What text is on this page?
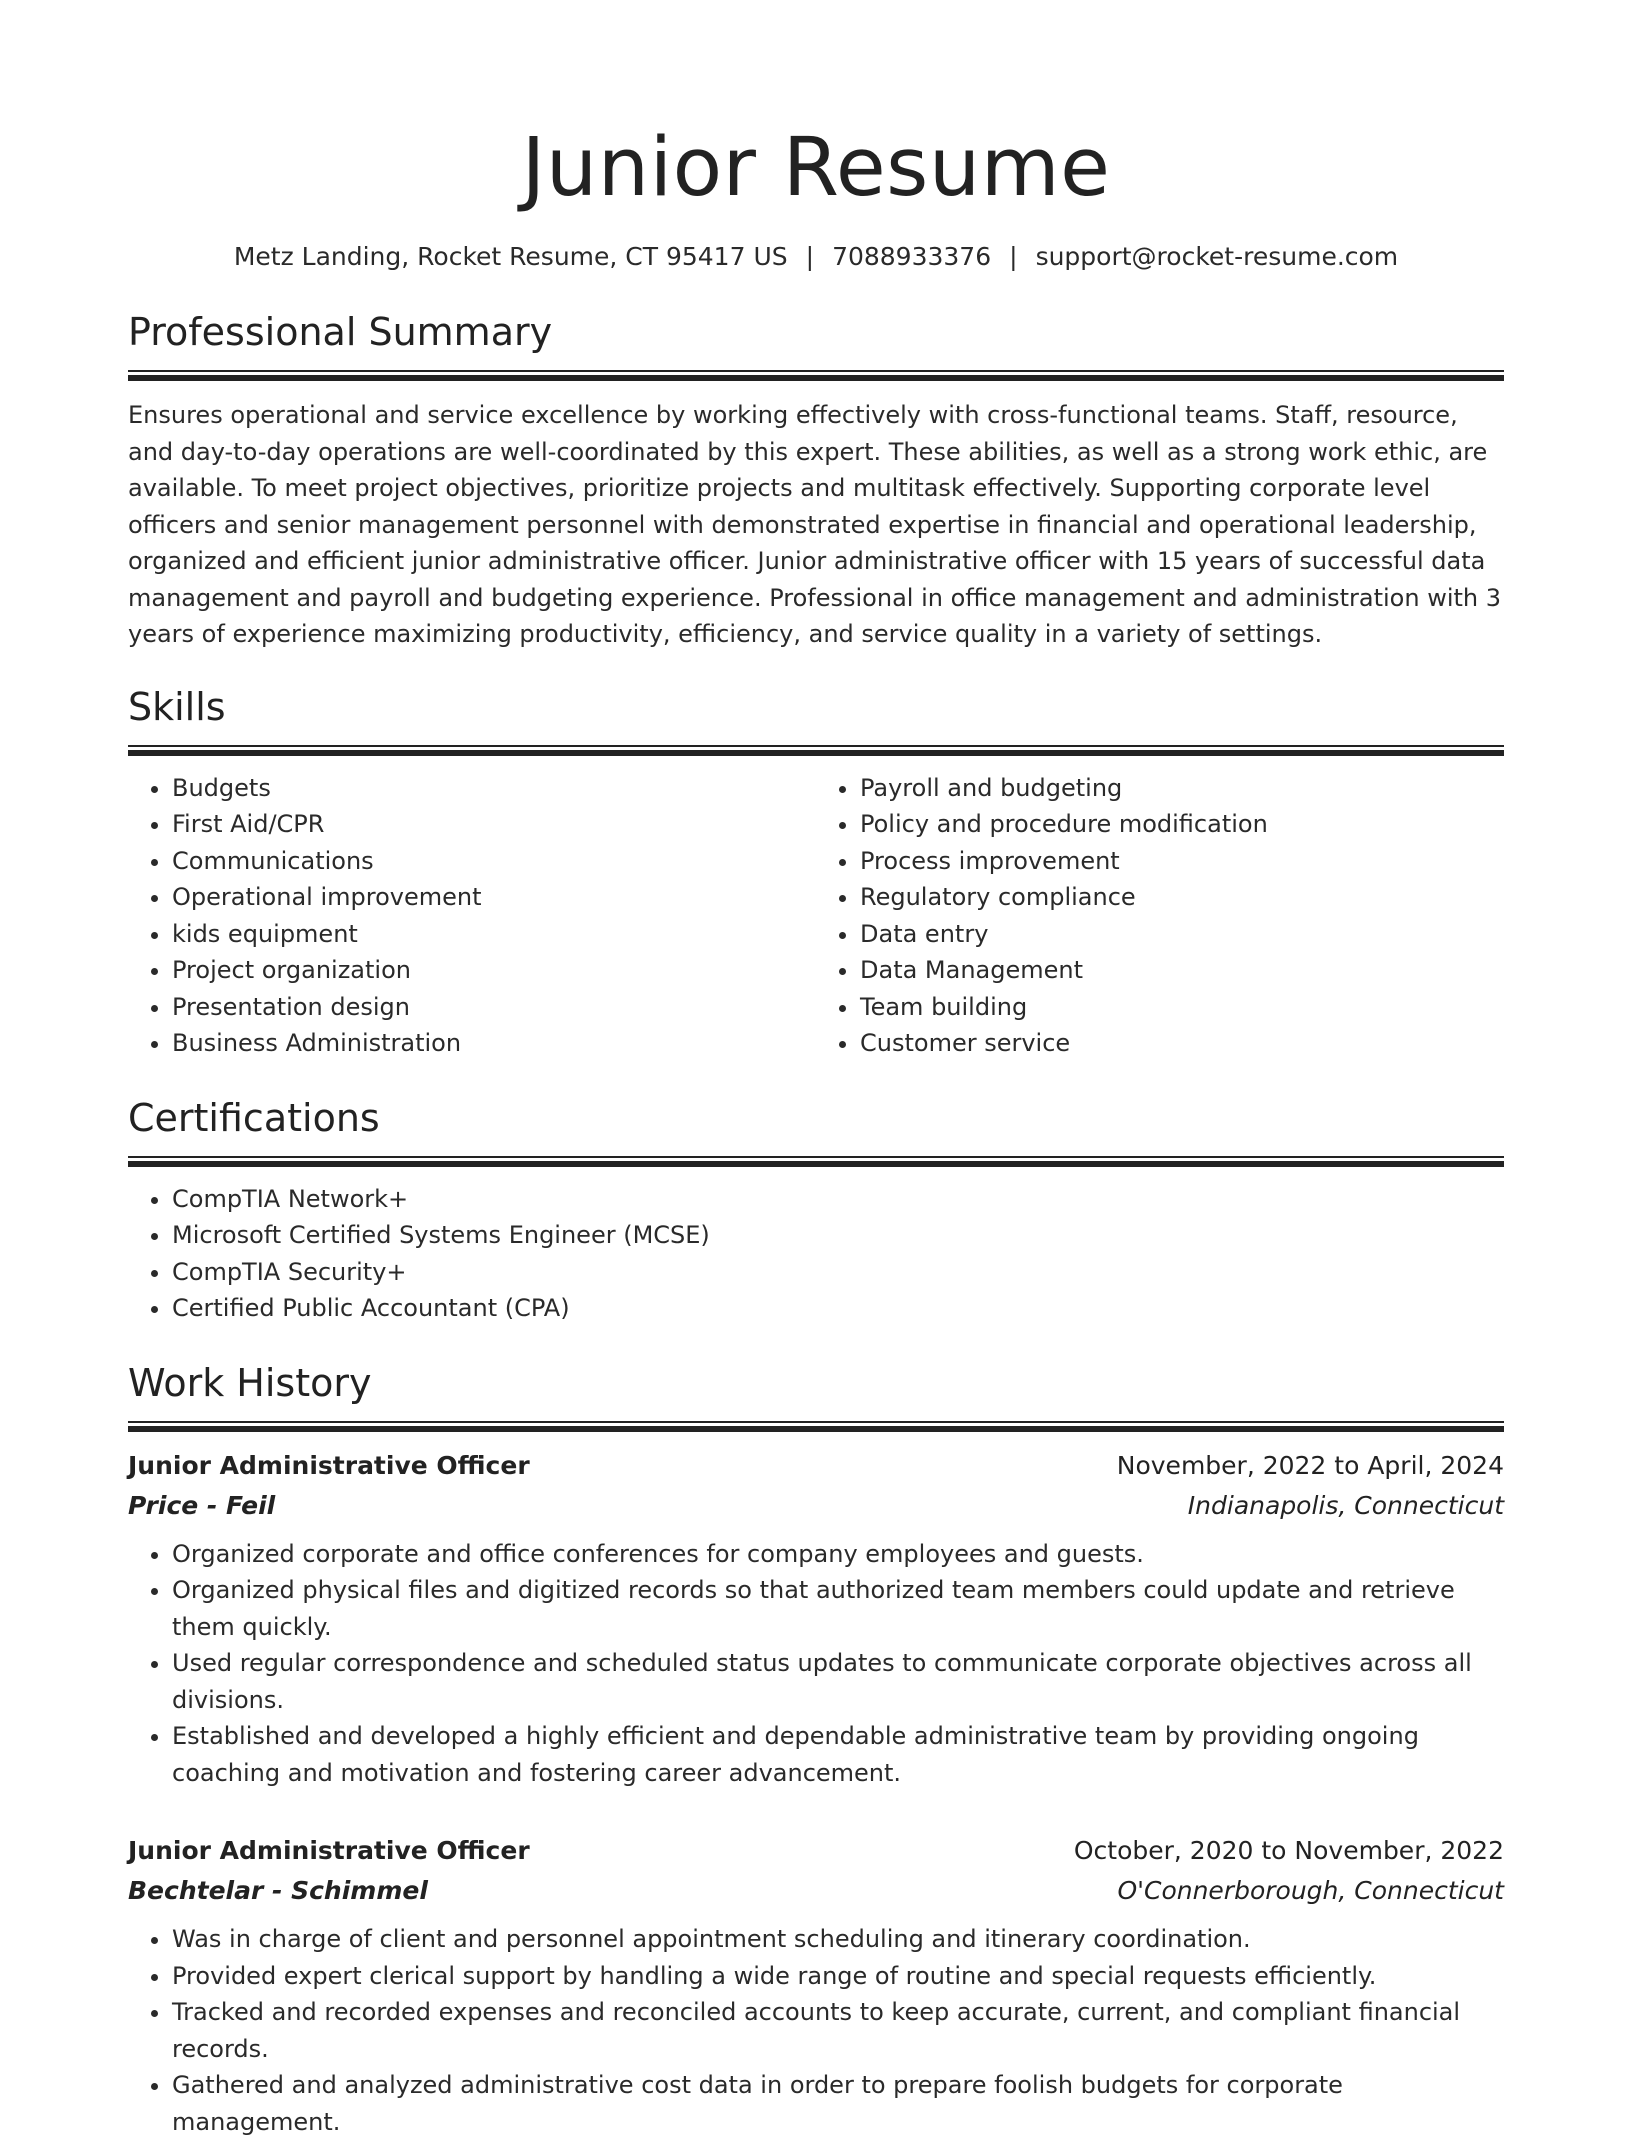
Junior Resume
Metz Landing, Rocket Resume, CT 95417 US | 7088933376 | support@rocket-resume.com
Professional Summary

Ensures operational and service excellence by working effectively with cross-functional teams. Staff, resource, and day-to-day operations are well-coordinated by this expert. These abilities, as well as a strong work ethic, are available. To meet project objectives, prioritize projects and multitask effectively. Supporting corporate level officers and senior management personnel with demonstrated expertise in financial and operational leadership, organized and efficient junior administrative officer. Junior administrative officer with 15 years of successful data management and payroll and budgeting experience. Professional in office management and administration with 3 years of experience maximizing productivity, efficiency, and service quality in a variety of settings.

Skills
• Budgets
• First Aid/CPR
• Communications
• Operational improvement
• kids equipment
• Project organization
• Presentation design
• Business Administration
• Payroll and budgeting
• Policy and procedure modification
• Process improvement
• Regulatory compliance
• Data entry
• Data Management
• Team building
• Customer service
Certifications
• CompTIA Network+
• Microsoft Certified Systems Engineer (MCSE)
• CompTIA Security+
• Certified Public Accountant (CPA)
Work History
Junior Administrative Officer	November, 2022 to April, 2024
Price - Feil	Indianapolis, Connecticut
• Organized corporate and office conferences for company employees and guests.
• Organized physical files and digitized records so that authorized team members could update and retrieve them quickly.
• Used regular correspondence and scheduled status updates to communicate corporate objectives across all divisions.
• Established and developed a highly efficient and dependable administrative team by providing ongoing coaching and motivation and fostering career advancement.
Junior Administrative Officer	October, 2020 to November, 2022
Bechtelar - Schimmel	O'Connerborough, Connecticut
• Was in charge of client and personnel appointment scheduling and itinerary coordination.
• Provided expert clerical support by handling a wide range of routine and special requests efficiently.
• Tracked and recorded expenses and reconciled accounts to keep accurate, current, and compliant financial records.
• Gathered and analyzed administrative cost data in order to prepare foolish budgets for corporate management.
